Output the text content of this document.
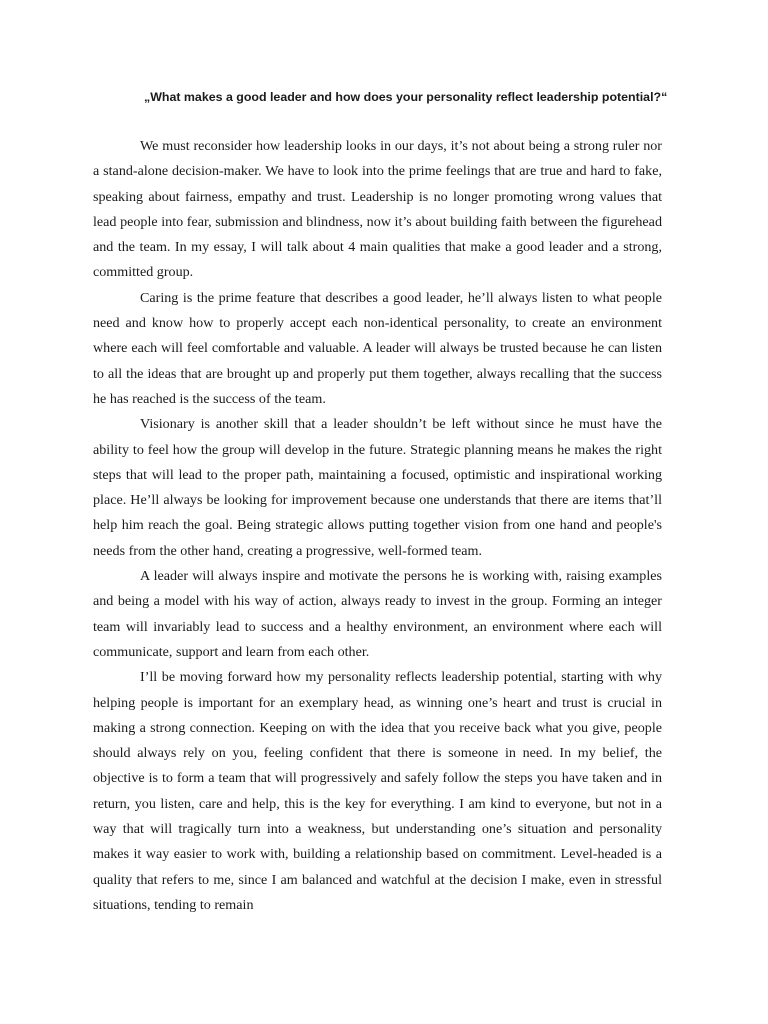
„What makes a good leader and how does your personality reflect leadership potential?“

We must reconsider how leadership looks in our days, it’s not about being a strong ruler nor a stand-alone decision-maker. We have to look into the prime feelings that are true and hard to fake, speaking about fairness, empathy and trust. Leadership is no longer promoting wrong values that lead people into fear, submission and blindness, now it’s about building faith between the figurehead and the team. In my essay, I will talk about 4 main qualities that make a good leader and a strong, committed group.

Caring is the prime feature that describes a good leader, he’ll always listen to what people need and know how to properly accept each non-identical personality, to create an environment where each will feel comfortable and valuable. A leader will always be trusted because he can listen to all the ideas that are brought up and properly put them together, always recalling that the success he has reached is the success of the team.

Visionary is another skill that a leader shouldn’t be left without since he must have the ability to feel how the group will develop in the future. Strategic planning means he makes the right steps that will lead to the proper path, maintaining a focused, optimistic and inspirational working place. He’ll always be looking for improvement because one understands that there are items that’ll help him reach the goal. Being strategic allows putting together vision from one hand and people's needs from the other hand, creating a progressive, well-formed team.

A leader will always inspire and motivate the persons he is working with, raising examples and being a model with his way of action, always ready to invest in the group. Forming an integer team will invariably lead to success and a healthy environment, an environment where each will communicate, support and learn from each other.

I’ll be moving forward how my personality reflects leadership potential, starting with why helping people is important for an exemplary head, as winning one’s heart and trust is crucial in making a strong connection. Keeping on with the idea that you receive back what you give, people should always rely on you, feeling confident that there is someone in need. In my belief, the objective is to form a team that will progressively and safely follow the steps you have taken and in return, you listen, care and help, this is the key for everything. I am kind to everyone, but not in a way that will tragically turn into a weakness, but understanding one’s situation and personality makes it way easier to work with, building a relationship based on commitment. Level-headed is a quality that refers to me, since I am balanced and watchful at the decision I make, even in stressful situations, tending to remain
